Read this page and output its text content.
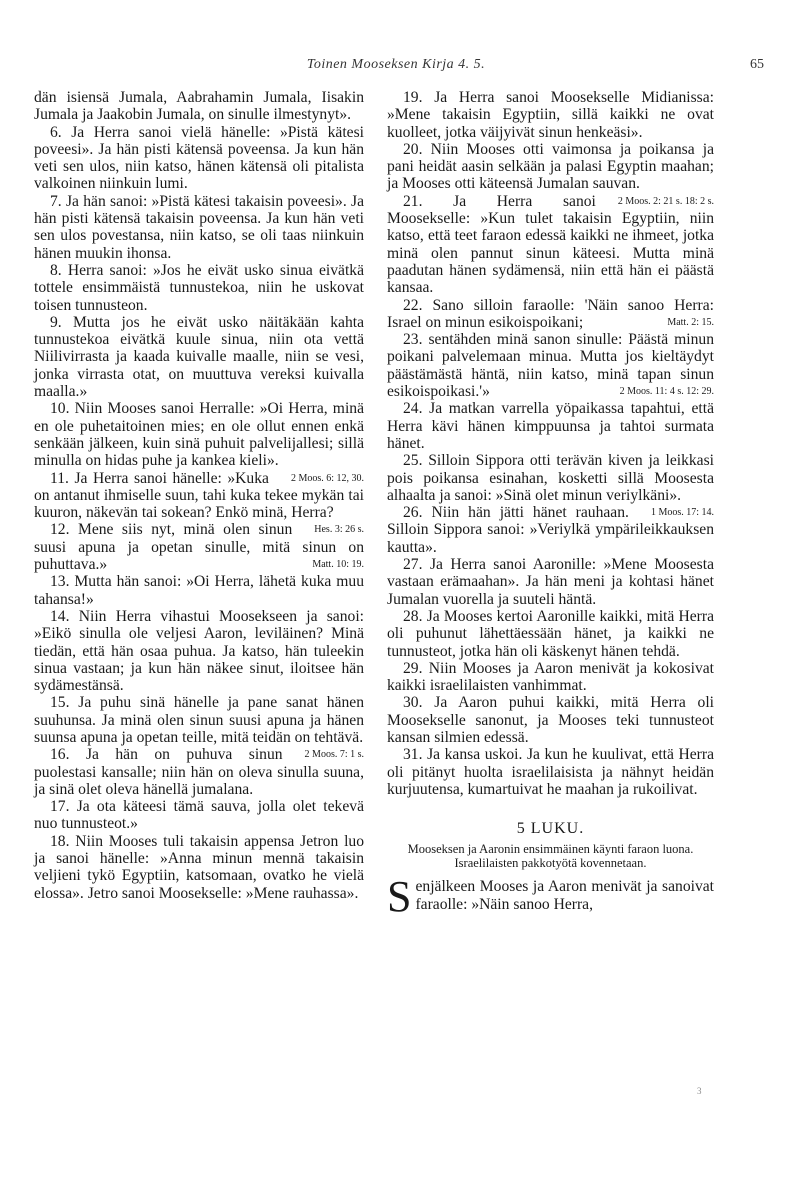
Toinen Mooseksen Kirja 4. 5.	65

dän isiensä Jumala, Aabrahamin Jumala, Iisakin Jumala ja Jaakobin Jumala, on sinulle ilmestynyt».

6. Ja Herra sanoi vielä hänelle: »Pistä kätesi poveesi». Ja hän pisti kätensä poveensa. Ja kun hän veti sen ulos, niin katso, hänen kätensä oli pitalista valkoinen niinkuin lumi.

7. Ja hän sanoi: »Pistä kätesi takaisin poveesi». Ja hän pisti kätensä takaisin poveensa. Ja kun hän veti sen ulos povestansa, niin katso, se oli taas niinkuin hänen muukin ihonsa.

8. Herra sanoi: »Jos he eivät usko sinua eivätkä tottele ensimmäistä tunnustekoa, niin he uskovat toisen tunnusteon.

9. Mutta jos he eivät usko näitäkään kahta tunnustekoa eivätkä kuule sinua, niin ota vettä Niilivirrasta ja kaada kuivalle maalle, niin se vesi, jonka virrasta otat, on muuttuva vereksi kuivalla maalla.»

10. Niin Mooses sanoi Herralle: »Oi Herra, minä en ole puhetaitoinen mies; en ole ollut ennen enkä senkään jälkeen, kuin sinä puhuit palvelijallesi; sillä minulla on hidas puhe ja kankea kieli».
2 Moos. 6: 12, 30.

11. Ja Herra sanoi hänelle: »Kuka on antanut ihmiselle suun, tahi kuka tekee mykän tai kuuron, näkevän tai sokean? Enkö minä, Herra?
Hes. 3: 26 s.

12. Mene siis nyt, minä olen sinun suusi apuna ja opetan sinulle, mitä sinun on puhuttava.»	Matt. 10: 19.

13. Mutta hän sanoi: »Oi Herra, lähetä kuka muu tahansa!»

14. Niin Herra vihastui Moosekseen ja sanoi: »Eikö sinulla ole veljesi Aaron, leviläinen? Minä tiedän, että hän osaa puhua. Ja katso, hän tuleekin sinua vastaan; ja kun hän näkee sinut, iloitsee hän sydämestänsä.

15. Ja puhu sinä hänelle ja pane sanat hänen suuhunsa. Ja minä olen sinun suusi apuna ja hänen suunsa apuna ja opetan teille, mitä teidän on tehtävä.
2 Moos. 7: 1 s.

16. Ja hän on puhuva sinun puolestasi kansalle; niin hän on oleva sinulla suuna, ja sinä olet oleva hänellä jumalana.

17. Ja ota käteesi tämä sauva, jolla olet tekevä nuo tunnusteot.»

18. Niin Mooses tuli takaisin appensa Jetron luo ja sanoi hänelle: »Anna minun mennä takaisin veljieni tykö Egyptiin, katsomaan, ovatko he vielä elossa». Jetro sanoi Moosekselle: »Mene rauhassa».

19. Ja Herra sanoi Moosekselle Midianissa: »Mene takaisin Egyptiin, sillä kaikki ne ovat kuolleet, jotka väijyivät sinun henkeäsi».

20. Niin Mooses otti vaimonsa ja poikansa ja pani heidät aasin selkään ja palasi Egyptin maahan; ja Mooses otti käteensä Jumalan sauvan.
2 Moos. 2: 21 s. 18: 2 s.

21. Ja Herra sanoi Moosekselle: »Kun tulet takaisin Egyptiin, niin katso, että teet faraon edessä kaikki ne ihmeet, jotka minä olen pannut sinun käteesi. Mutta minä paadutan hänen sydämensä, niin että hän ei päästä kansaa.

22. Sano silloin faraolle: 'Näin sanoo Herra: Israel on minun esikoispoikani;	Matt. 2: 15.

23. sentähden minä sanon sinulle: Päästä minun poikani palvelemaan minua. Mutta jos kieltäydyt päästämästä häntä, niin katso, minä tapan sinun esikoispoikasi.'»	2 Moos. 11: 4 s. 12: 29.

24. Ja matkan varrella yöpaikassa tapahtui, että Herra kävi hänen kimppuunsa ja tahtoi surmata hänet.

25. Silloin Sippora otti terävän kiven ja leikkasi pois poikansa esinahan, kosketti sillä Moosesta alhaalta ja sanoi: »Sinä olet minun veriylkäni».
1 Moos. 17: 14.

26. Niin hän jätti hänet rauhaan. Silloin Sippora sanoi: »Veriylkä ympärileikkauksen kautta».

27. Ja Herra sanoi Aaronille: »Mene Moosesta vastaan erämaahan». Ja hän meni ja kohtasi hänet Jumalan vuorella ja suuteli häntä.

28. Ja Mooses kertoi Aaronille kaikki, mitä Herra oli puhunut lähettäessään hänet, ja kaikki ne tunnusteot, jotka hän oli käskenyt hänen tehdä.

29. Niin Mooses ja Aaron menivät ja kokosivat kaikki israelilaisten vanhimmat.

30. Ja Aaron puhui kaikki, mitä Herra oli Moosekselle sanonut, ja Mooses teki tunnusteot kansan silmien edessä.

31. Ja kansa uskoi. Ja kun he kuulivat, että Herra oli pitänyt huolta israelilaisista ja nähnyt heidän kurjuutensa, kumartuivat he maahan ja rukoilivat.

5 LUKU.
Mooseksen ja Aaronin ensimmäinen käynti faraon luona. Israelilaisten pakkotyötä kovennetaan.

Senjälkeen Mooses ja Aaron menivät ja sanoivat faraolle: »Näin sanoo Herra,

3
